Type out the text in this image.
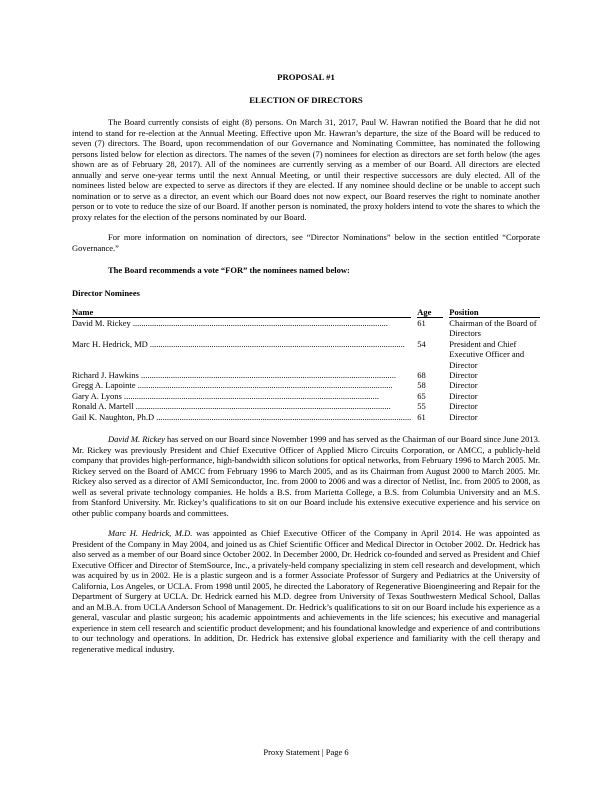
PROPOSAL #1
ELECTION OF DIRECTORS

The Board currently consists of eight (8) persons. On March 31, 2017, Paul W. Hawran notified the Board that he did not intend to stand for re-election at the Annual Meeting. Effective upon Mr. Hawran’s departure, the size of the Board will be reduced to seven (7) directors. The Board, upon recommendation of our Governance and Nominating Committee, has nominated the following persons listed below for election as directors. The names of the seven (7) nominees for election as directors are set forth below (the ages shown are as of February 28, 2017). All of the nominees are currently serving as a member of our Board. All directors are elected annually and serve one-year terms until the next Annual Meeting, or until their respective successors are duly elected. All of the nominees listed below are expected to serve as directors if they are elected. If any nominee should decline or be unable to accept such nomination or to serve as a director, an event which our Board does not now expect, our Board reserves the right to nominate another person or to vote to reduce the size of our Board. If another person is nominated, the proxy holders intend to vote the shares to which the proxy relates for the election of the persons nominated by our Board.

For more information on nomination of directors, see “Director Nominations” below in the section entitled “Corporate Governance.”

The Board recommends a vote “FOR” the nominees named below:
Director Nominees
Name		Age		Position

David M. Rickey .....		61		Chairman of the Board of Directors

Marc H. Hedrick, MD .....		54		President and Chief Executive Officer and Director

Richard J. Hawkins .....		68		Director

Gregg A. Lapointe .....		58		Director

Gary A. Lyons .....		65		Director

Ronald A. Martell .....		55		Director

Gail K. Naughton, Ph.D .....		61		Director

David M. Rickey has served on our Board since November 1999 and has served as the Chairman of our Board since June 2013. Mr. Rickey was previously President and Chief Executive Officer of Applied Micro Circuits Corporation, or AMCC, a publicly-held company that provides high-performance, high-bandwidth silicon solutions for optical networks, from February 1996 to March 2005. Mr. Rickey served on the Board of AMCC from February 1996 to March 2005, and as its Chairman from August 2000 to March 2005. Mr. Rickey also served as a director of AMI Semiconductor, Inc. from 2000 to 2006 and was a director of Netlist, Inc. from 2005 to 2008, as well as several private technology companies. He holds a B.S. from Marietta College, a B.S. from Columbia University and an M.S. from Stanford University. Mr. Rickey’s qualifications to sit on our Board include his extensive executive experience and his service on other public company boards and committees.

Marc H. Hedrick, M.D. was appointed as Chief Executive Officer of the Company in April 2014. He was appointed as President of the Company in May 2004, and joined us as Chief Scientific Officer and Medical Director in October 2002. Dr. Hedrick has also served as a member of our Board since October 2002. In December 2000, Dr. Hedrick co-founded and served as President and Chief Executive Officer and Director of StemSource, Inc., a privately-held company specializing in stem cell research and development, which was acquired by us in 2002. He is a plastic surgeon and is a former Associate Professor of Surgery and Pediatrics at the University of California, Los Angeles, or UCLA. From 1998 until 2005, he directed the Laboratory of Regenerative Bioengineering and Repair for the Department of Surgery at UCLA. Dr. Hedrick earned his M.D. degree from University of Texas Southwestern Medical School, Dallas and an M.B.A. from UCLA Anderson School of Management. Dr. Hedrick’s qualifications to sit on our Board include his experience as a general, vascular and plastic surgeon; his academic appointments and achievements in the life sciences; his executive and managerial experience in stem cell research and scientific product development; and his foundational knowledge and experience of and contributions to our technology and operations. In addition, Dr. Hedrick has extensive global experience and familiarity with the cell therapy and regenerative medical industry.

Proxy Statement | Page 6
